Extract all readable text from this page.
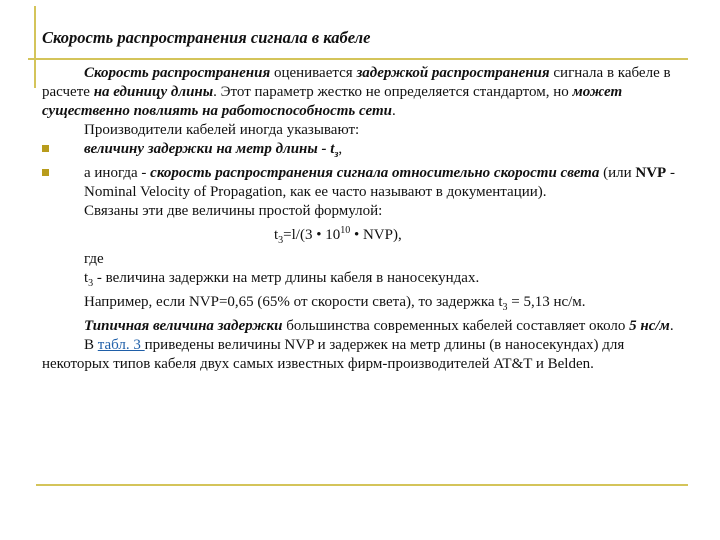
Скорость распространения сигнала в кабеле

Скорость распространения оценивается задержкой распространения сигнала в кабеле в расчете на единицу длины. Этот параметр жестко не определяется стандартом, но может существенно повлиять на работоспособность сети.

Производители кабелей иногда указывают:

величину задержки на метр длины - $t_з$,

а иногда - скорость распространения сигнала относительно скорости света (или NVP - Nominal Velocity of Propagation, как ее часто называют в документации).

Связаны эти две величины простой формулой:

$t_3=l/(3$ • $10^{10}$ • NVP),

где

$t_3$ - величина задержки на метр длины кабеля в наносекундах.

Например, если NVP=0,65 (65% от скорости света), то задержка $t_3 = 5,13$ нс/м.

Типичная величина задержки большинства современных кабелей составляет около 5 нс/м.

В табл. 3 приведены величины NVP и задержек на метр длины (в наносекундах) для некоторых типов кабеля двух самых известных фирм-производителей AT&T и Belden.
